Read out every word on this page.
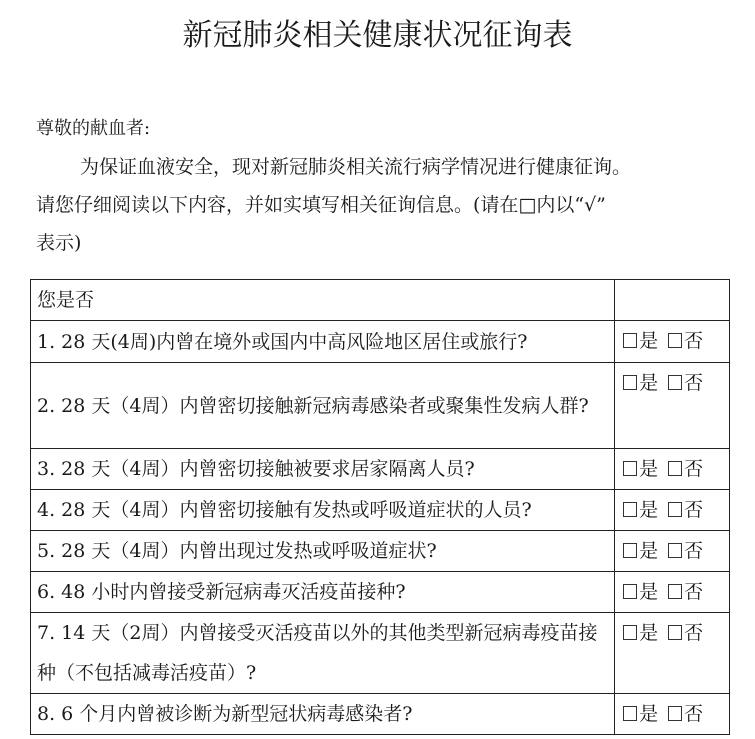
新冠肺炎相关健康状况征询表
尊敬的献血者:
为保证血液安全，现对新冠肺炎相关流行病学情况进行健康征询。
请您仔细阅读以下内容，并如实填写相关征询信息。(请在□内以“√”
表示)
您是否	
1. 28 天(4周)内曾在境外或国内中高风险地区居住或旅行?	是 否
2. 28 天（4周）内曾密切接触新冠病毒感染者或聚集性发病人群?	是 否
3. 28 天（4周）内曾密切接触被要求居家隔离人员?	是 否
4. 28 天（4周）内曾密切接触有发热或呼吸道症状的人员?	是 否
5. 28 天（4周）内曾出现过发热或呼吸道症状?	是 否
6. 48 小时内曾接受新冠病毒灭活疫苗接种?	是 否
7. 14 天（2周）内曾接受灭活疫苗以外的其他类型新冠病毒疫苗接种（不包括减毒活疫苗）?	是 否
8. 6 个月内曾被诊断为新型冠状病毒感染者?	是 否
